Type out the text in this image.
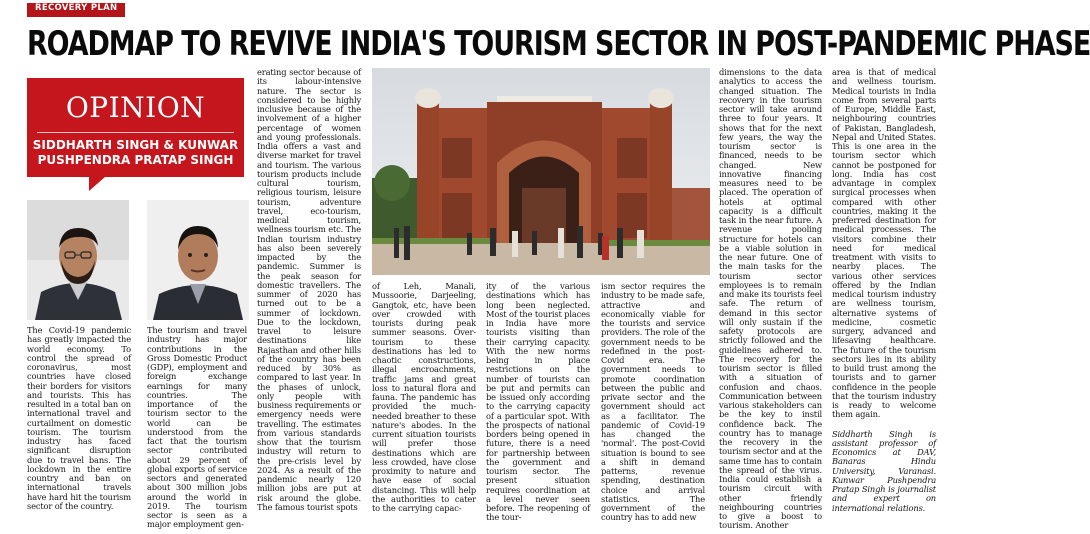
RECOVERY PLAN
ROADMAP TO REVIVE INDIA'S TOURISM SECTOR IN POST-PANDEMIC PHASE
OPINION
SIDDHARTH SINGH & KUNWAR
PUSHPENDRA PRATAP SINGH

The Covid-19 pandemic has greatly impacted the world economy. To control the spread of coronavirus, most countries have closed their borders for visitors and tourists. This has resulted in a total ban on international travel and curtailment on domestic tourism. The tourism industry has faced significant disruption due to travel bans. The lockdown in the entire country and ban on international travels have hard hit the tourism sector of the country.

The tourism and travel industry has major contributions in the Gross Domestic Product (GDP), employment and foreign exchange earnings for many countries. The importance of the tourism sector to the world can be understood from the fact that the tourism sector contributed about 29 percent of global exports of service sectors and generated about 300 million jobs around the world in 2019. The tourism sector is seen as a major employment gen-

erating sector because of its labour-intensive nature. The sector is considered to be highly inclusive because of the involvement of a higher percentage of women and young professionals. India offers a vast and diverse market for travel and tourism. The various tourism products include cultural tourism, religious tourism, leisure tourism, adventure travel, eco-tourism, medical tourism, wellness tourism etc. The Indian tourism industry has also been severely impacted by the pandemic. Summer is the peak season for domestic travellers. The summer of 2020 has turned out to be a summer of lockdown. Due to the lockdown, travel to leisure destinations like Rajasthan and other hills of the country has been reduced by 30% as compared to last year. In the phases of unlock, only people with business requirements or emergency needs were travelling. The estimates from various standards show that the tourism industry will return to the pre-crisis level by 2024. As a result of the pandemic nearly 120 million jobs are put at risk around the globe. The famous tourist spots

of Leh, Manali, Mussoorie, Darjeeling, Gangtok, etc, have been over crowded with tourists during peak summer seasons. Over-tourism to these destinations has led to chaotic constructions, illegal encroachments, traffic jams and great loss to natural flora and fauna. The pandemic has provided the much-needed breather to these nature's abodes. In the current situation tourists will prefer those destinations which are less crowded, have close proximity to nature and have ease of social distancing. This will help the authorities to cater to the carrying capac-

ity of the various destinations which has long been neglected. Most of the tourist places in India have more tourists visiting than their carrying capacity. With the new norms being in place restrictions on the number of tourists can be put and permits can be issued only according to the carrying capacity of a particular spot. With the prospects of national borders being opened in future, there is a need for partnership between the government and tourism sector. The present situation requires coordination at a level never seen before. The reopening of the tour-

ism sector requires the industry to be made safe, attractive and economically viable for the tourists and service providers. The role of the government needs to be redefined in the post-Covid era. The government needs to promote coordination between the public and private sector and the government should act as a facilitator. The pandemic of Covid-19 has changed the 'normal'. The post-Covid situation is bound to see a shift in demand patterns, revenue spending, destination choice and arrival statistics. The government of the country has to add new

dimensions to the data analytics to access the changed situation. The recovery in the tourism sector will take around three to four years. It shows that for the next few years, the way the tourism sector is financed, needs to be changed. New innovative financing measures need to be placed. The operation of hotels at optimal capacity is a difficult task in the near future. A revenue pooling structure for hotels can be a viable solution in the near future. One of the main tasks for the tourism sector employees is to remain and make its tourists feel safe. The return of demand in this sector will only sustain if the safety protocols are strictly followed and the guidelines adhered to. The recovery for the tourism sector is filled with a situation of confusion and chaos. Communication between various stakeholders can be the key to instil confidence back. The country has to manage the recovery in the tourism sector and at the same time has to contain the spread of the virus. India could establish a tourism circuit with other friendly neighbouring countries to give a boost to tourism. Another

area is that of medical and wellness tourism. Medical tourists in India come from several parts of Europe, Middle East, neighbouring countries of Pakistan, Bangladesh, Nepal and United States. This is one area in the tourism sector which cannot be postponed for long. India has cost advantage in complex surgical processes when compared with other countries, making it the preferred destination for medical processes. The visitors combine their need for medical treatment with visits to nearby places. The various other services offered by the Indian medical tourism industry are wellness tourism, alternative systems of medicine, cosmetic surgery, advanced and lifesaving healthcare. The future of the tourism sectors lies in its ability to build trust among the tourists and to garner confidence in the people that the tourism industry is ready to welcome them again.
Siddharth Singh is assistant professor of Economics at DAV, Banaras Hindu University, Varanasi. Kunwar Pushpendra Pratap Singh is journalist and expert on international relations.
